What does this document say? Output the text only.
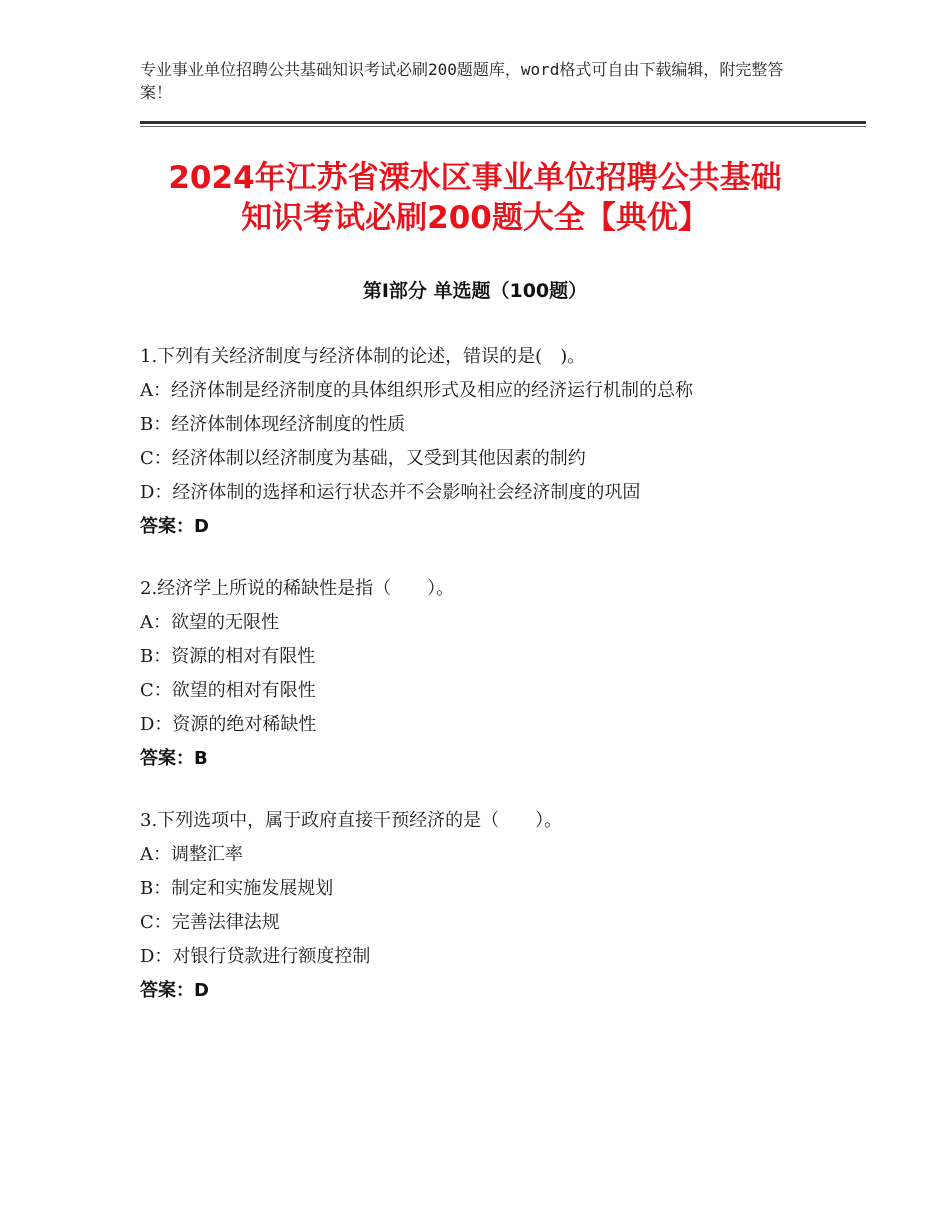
专业事业单位招聘公共基础知识考试必刷200题题库，word格式可自由下载编辑，附完整答案！
2024年江苏省溧水区事业单位招聘公共基础
知识考试必刷200题大全【典优】
第Ⅰ部分 单选题（100题）
1.下列有关经济制度与经济体制的论述，错误的是(　)。
A：经济体制是经济制度的具体组织形式及相应的经济运行机制的总称
B：经济体制体现经济制度的性质
C：经济体制以经济制度为基础，又受到其他因素的制约
D：经济体制的选择和运行状态并不会影响社会经济制度的巩固
答案：D
2.经济学上所说的稀缺性是指（　　）。
A：欲望的无限性
B：资源的相对有限性
C：欲望的相对有限性
D：资源的绝对稀缺性
答案：B
3.下列选项中，属于政府直接干预经济的是（　　）。
A：调整汇率
B：制定和实施发展规划
C：完善法律法规
D：对银行贷款进行额度控制
答案：D
